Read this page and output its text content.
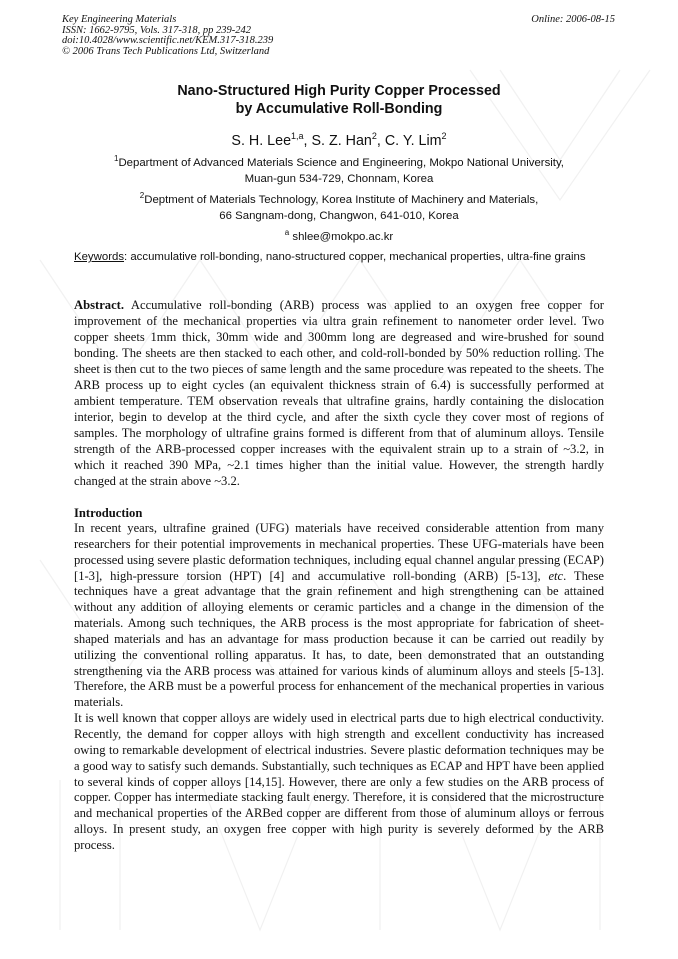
Key Engineering Materials
ISSN: 1662-9795, Vols. 317-318, pp 239-242
doi:10.4028/www.scientific.net/KEM.317-318.239
© 2006 Trans Tech Publications Ltd, Switzerland
Online: 2006-08-15
Nano-Structured High Purity Copper Processed
by Accumulative Roll-Bonding
S. H. Lee$^{1,a}$, S. Z. Han$^2$, C. Y. Lim$^2$
$^1$Department of Advanced Materials Science and Engineering, Mokpo National University,
Muan-gun 534-729, Chonnam, Korea
$^2$Deptment of Materials Technology, Korea Institute of Machinery and Materials,
66 Sangnam-dong, Changwon, 641-010, Korea
$^a$ shlee@mokpo.ac.kr
Keywords: accumulative roll-bonding, nano-structured copper, mechanical properties, ultra-fine grains
Abstract. Accumulative roll-bonding (ARB) process was applied to an oxygen free copper for improvement of the mechanical properties via ultra grain refinement to nanometer order level. Two copper sheets 1mm thick, 30mm wide and 300mm long are degreased and wire-brushed for sound bonding. The sheets are then stacked to each other, and cold-roll-bonded by 50% reduction rolling. The sheet is then cut to the two pieces of same length and the same procedure was repeated to the sheets. The ARB process up to eight cycles (an equivalent thickness strain of 6.4) is successfully performed at ambient temperature. TEM observation reveals that ultrafine grains, hardly containing the dislocation interior, begin to develop at the third cycle, and after the sixth cycle they cover most of regions of samples. The morphology of ultrafine grains formed is different from that of aluminum alloys. Tensile strength of the ARB-processed copper increases with the equivalent strain up to a strain of ~3.2, in which it reached 390 MPa, ~2.1 times higher than the initial value. However, the strength hardly changed at the strain above ~3.2.
Introduction

In recent years, ultrafine grained (UFG) materials have received considerable attention from many researchers for their potential improvements in mechanical properties. These UFG-materials have been processed using severe plastic deformation techniques, including equal channel angular pressing (ECAP) [1-3], high-pressure torsion (HPT) [4] and accumulative roll-bonding (ARB) [5-13], etc. These techniques have a great advantage that the grain refinement and high strengthening can be attained without any addition of alloying elements or ceramic particles and a change in the dimension of the materials. Among such techniques, the ARB process is the most appropriate for fabrication of sheet-shaped materials and has an advantage for mass production because it can be carried out readily by utilizing the conventional rolling apparatus. It has, to date, been demonstrated that an outstanding strengthening via the ARB process was attained for various kinds of aluminum alloys and steels [5-13]. Therefore, the ARB must be a powerful process for enhancement of the mechanical properties in various materials.

It is well known that copper alloys are widely used in electrical parts due to high electrical conductivity. Recently, the demand for copper alloys with high strength and excellent conductivity has increased owing to remarkable development of electrical industries. Severe plastic deformation techniques may be a good way to satisfy such demands. Substantially, such techniques as ECAP and HPT have been applied to several kinds of copper alloys [14,15]. However, there are only a few studies on the ARB process of copper. Copper has intermediate stacking fault energy. Therefore, it is considered that the microstructure and mechanical properties of the ARBed copper are different from those of aluminum alloys or ferrous alloys. In present study, an oxygen free copper with high purity is severely deformed by the ARB process.
